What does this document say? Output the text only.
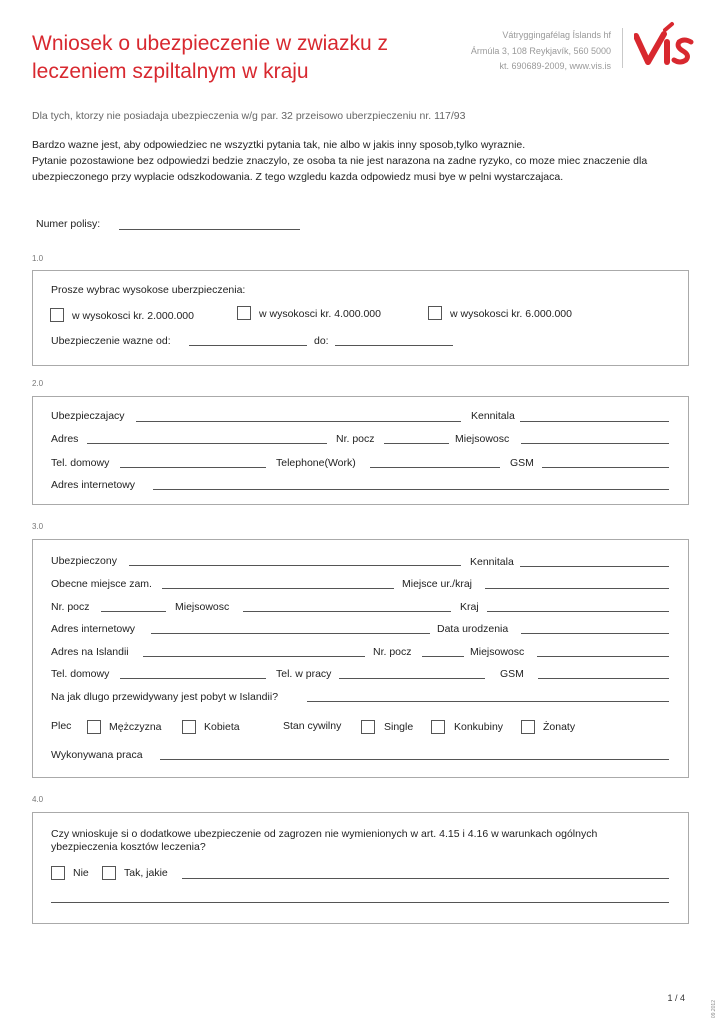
Wniosek o ubezpieczenie w zwiazku z
leczeniem szpiltalnym w kraju
Vátryggingafélag Íslands hf
Ármúla 3, 108 Reykjavík, 560 5000
kt. 690689-2009, www.vis.is
Dla tych, ktorzy nie posiadaja ubezpieczenia w/g par. 32 przeisowo uberzpieczeniu nr. 117/93
Bardzo wazne jest, aby odpowiedziec ne wszyztki pytania tak, nie albo w jakis inny sposob,tylko wyraznie.
Pytanie pozostawione bez odpowiedzi bedzie znaczylo, ze osoba ta nie jest narazona na zadne ryzyko, co moze miec znaczenie dla
ubezpieczonego przy wyplacie odszkodowania. Z tego wzgledu kazda odpowiedz musi bye w pelni wystarczajaca.
Numer polisy:
1.0
Prosze wybrac wysokose uberzpieczenia:
w wysokosci kr. 2.000.000	w wysokosci kr. 4.000.000	w wysokosci kr. 6.000.000
Ubezpieczenie wazne od:	do:
2.0
Ubezpieczajacy	Kennitala
Adres	Nr. pocz	Miejsowosc
Tel. domowy	Telephone(Work)	GSM
Adres internetowy
3.0
Ubezpieczony	Kennitala
Obecne miejsce zam.	Miejsce ur./kraj
Nr. pocz	Miejsowosc	Kraj
Adres internetowy	Data urodzenia
Adres na Islandii	Nr. pocz	Miejsowosc
Tel. domowy	Tel. w pracy	GSM
Na jak dlugo przewidywany jest pobyt w Islandii?
Plec	Mężczyzna	Kobieta	Stan cywilny	Single	Konkubiny	Żonaty
Wykonywana praca
4.0
Czy wnioskuje si o dodatkowe ubezpieczenie od zagrozen nie wymienionych w art. 4.15 i 4.16 w warunkach ogólnych
ybezpieczenia kosztów leczenia?
Nie	Tak, jakie
1 / 4
09.2012
